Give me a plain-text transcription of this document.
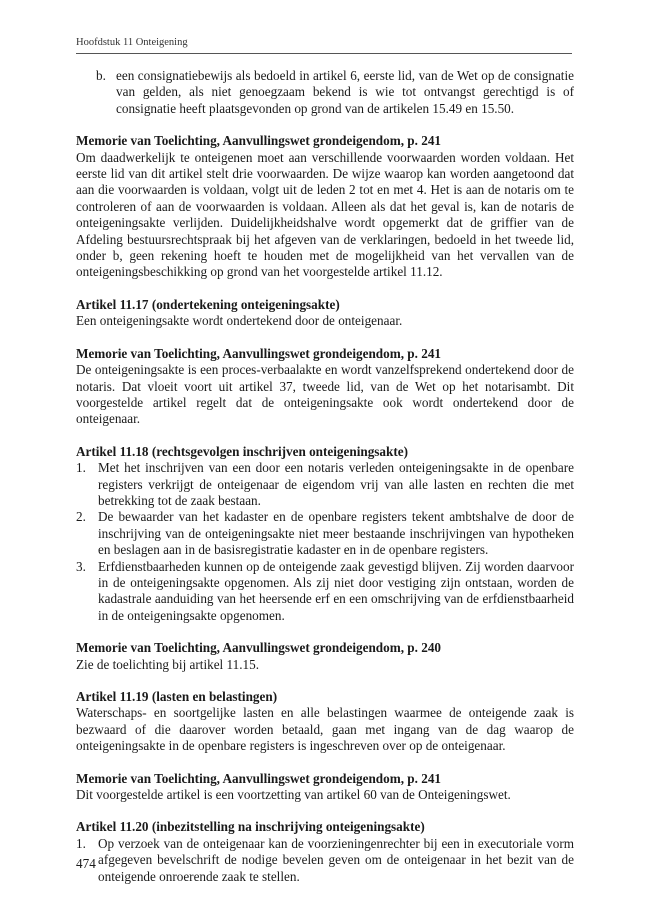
Hoofdstuk 11 Onteigening
b. een consignatiebewijs als bedoeld in artikel 6, eerste lid, van de Wet op de consignatie van gelden, als niet genoegzaam bekend is wie tot ontvangst gerechtigd is of consignatie heeft plaatsgevonden op grond van de artikelen 15.49 en 15.50.

Memorie van Toelichting, Aanvullingswet grondeigendom, p. 241

Om daadwerkelijk te onteigenen moet aan verschillende voorwaarden worden voldaan. Het eerste lid van dit artikel stelt drie voorwaarden. De wijze waarop kan worden aangetoond dat aan die voorwaarden is voldaan, volgt uit de leden 2 tot en met 4. Het is aan de notaris om te controleren of aan de voorwaarden is voldaan. Alleen als dat het geval is, kan de notaris de onteigeningsakte verlijden. Duidelijkheidshalve wordt opgemerkt dat de griffier van de Afdeling bestuursrechtspraak bij het afgeven van de verklaringen, bedoeld in het tweede lid, onder b, geen rekening hoeft te houden met de mogelijkheid van het vervallen van de onteigeningsbeschikking op grond van het voorgestelde artikel 11.12.

Artikel 11.17 (ondertekening onteigeningsakte)

Een onteigeningsakte wordt ondertekend door de onteigenaar.

Memorie van Toelichting, Aanvullingswet grondeigendom, p. 241

De onteigeningsakte is een proces-verbaalakte en wordt vanzelfsprekend ondertekend door de notaris. Dat vloeit voort uit artikel 37, tweede lid, van de Wet op het notarisambt. Dit voorgestelde artikel regelt dat de onteigeningsakte ook wordt ondertekend door de onteigenaar.

Artikel 11.18 (rechtsgevolgen inschrijven onteigeningsakte)

1. Met het inschrijven van een door een notaris verleden onteigeningsakte in de openbare registers verkrijgt de onteigenaar de eigendom vrij van alle lasten en rechten die met betrekking tot de zaak bestaan.
2. De bewaarder van het kadaster en de openbare registers tekent ambtshalve de door de inschrijving van de onteigeningsakte niet meer bestaande inschrijvingen van hypotheken en beslagen aan in de basisregistratie kadaster en in de openbare registers.
3. Erfdienstbaarheden kunnen op de onteigende zaak gevestigd blijven. Zij worden daarvoor in de onteigeningsakte opgenomen. Als zij niet door vestiging zijn ontstaan, worden de kadastrale aanduiding van het heersende erf en een omschrijving van de erfdienstbaarheid in de onteigeningsakte opgenomen.

Memorie van Toelichting, Aanvullingswet grondeigendom, p. 240

Zie de toelichting bij artikel 11.15.

Artikel 11.19 (lasten en belastingen)

Waterschaps- en soortgelijke lasten en alle belastingen waarmee de onteigende zaak is bezwaard of die daarover worden betaald, gaan met ingang van de dag waarop de onteigeningsakte in de openbare registers is ingeschreven over op de onteigenaar.

Memorie van Toelichting, Aanvullingswet grondeigendom, p. 241

Dit voorgestelde artikel is een voortzetting van artikel 60 van de Onteigeningswet.

Artikel 11.20 (inbezitstelling na inschrijving onteigeningsakte)

1. Op verzoek van de onteigenaar kan de voorzieningenrechter bij een in executoriale vorm afgegeven bevelschrift de nodige bevelen geven om de onteigenaar in het bezit van de onteigende onroerende zaak te stellen.
474
